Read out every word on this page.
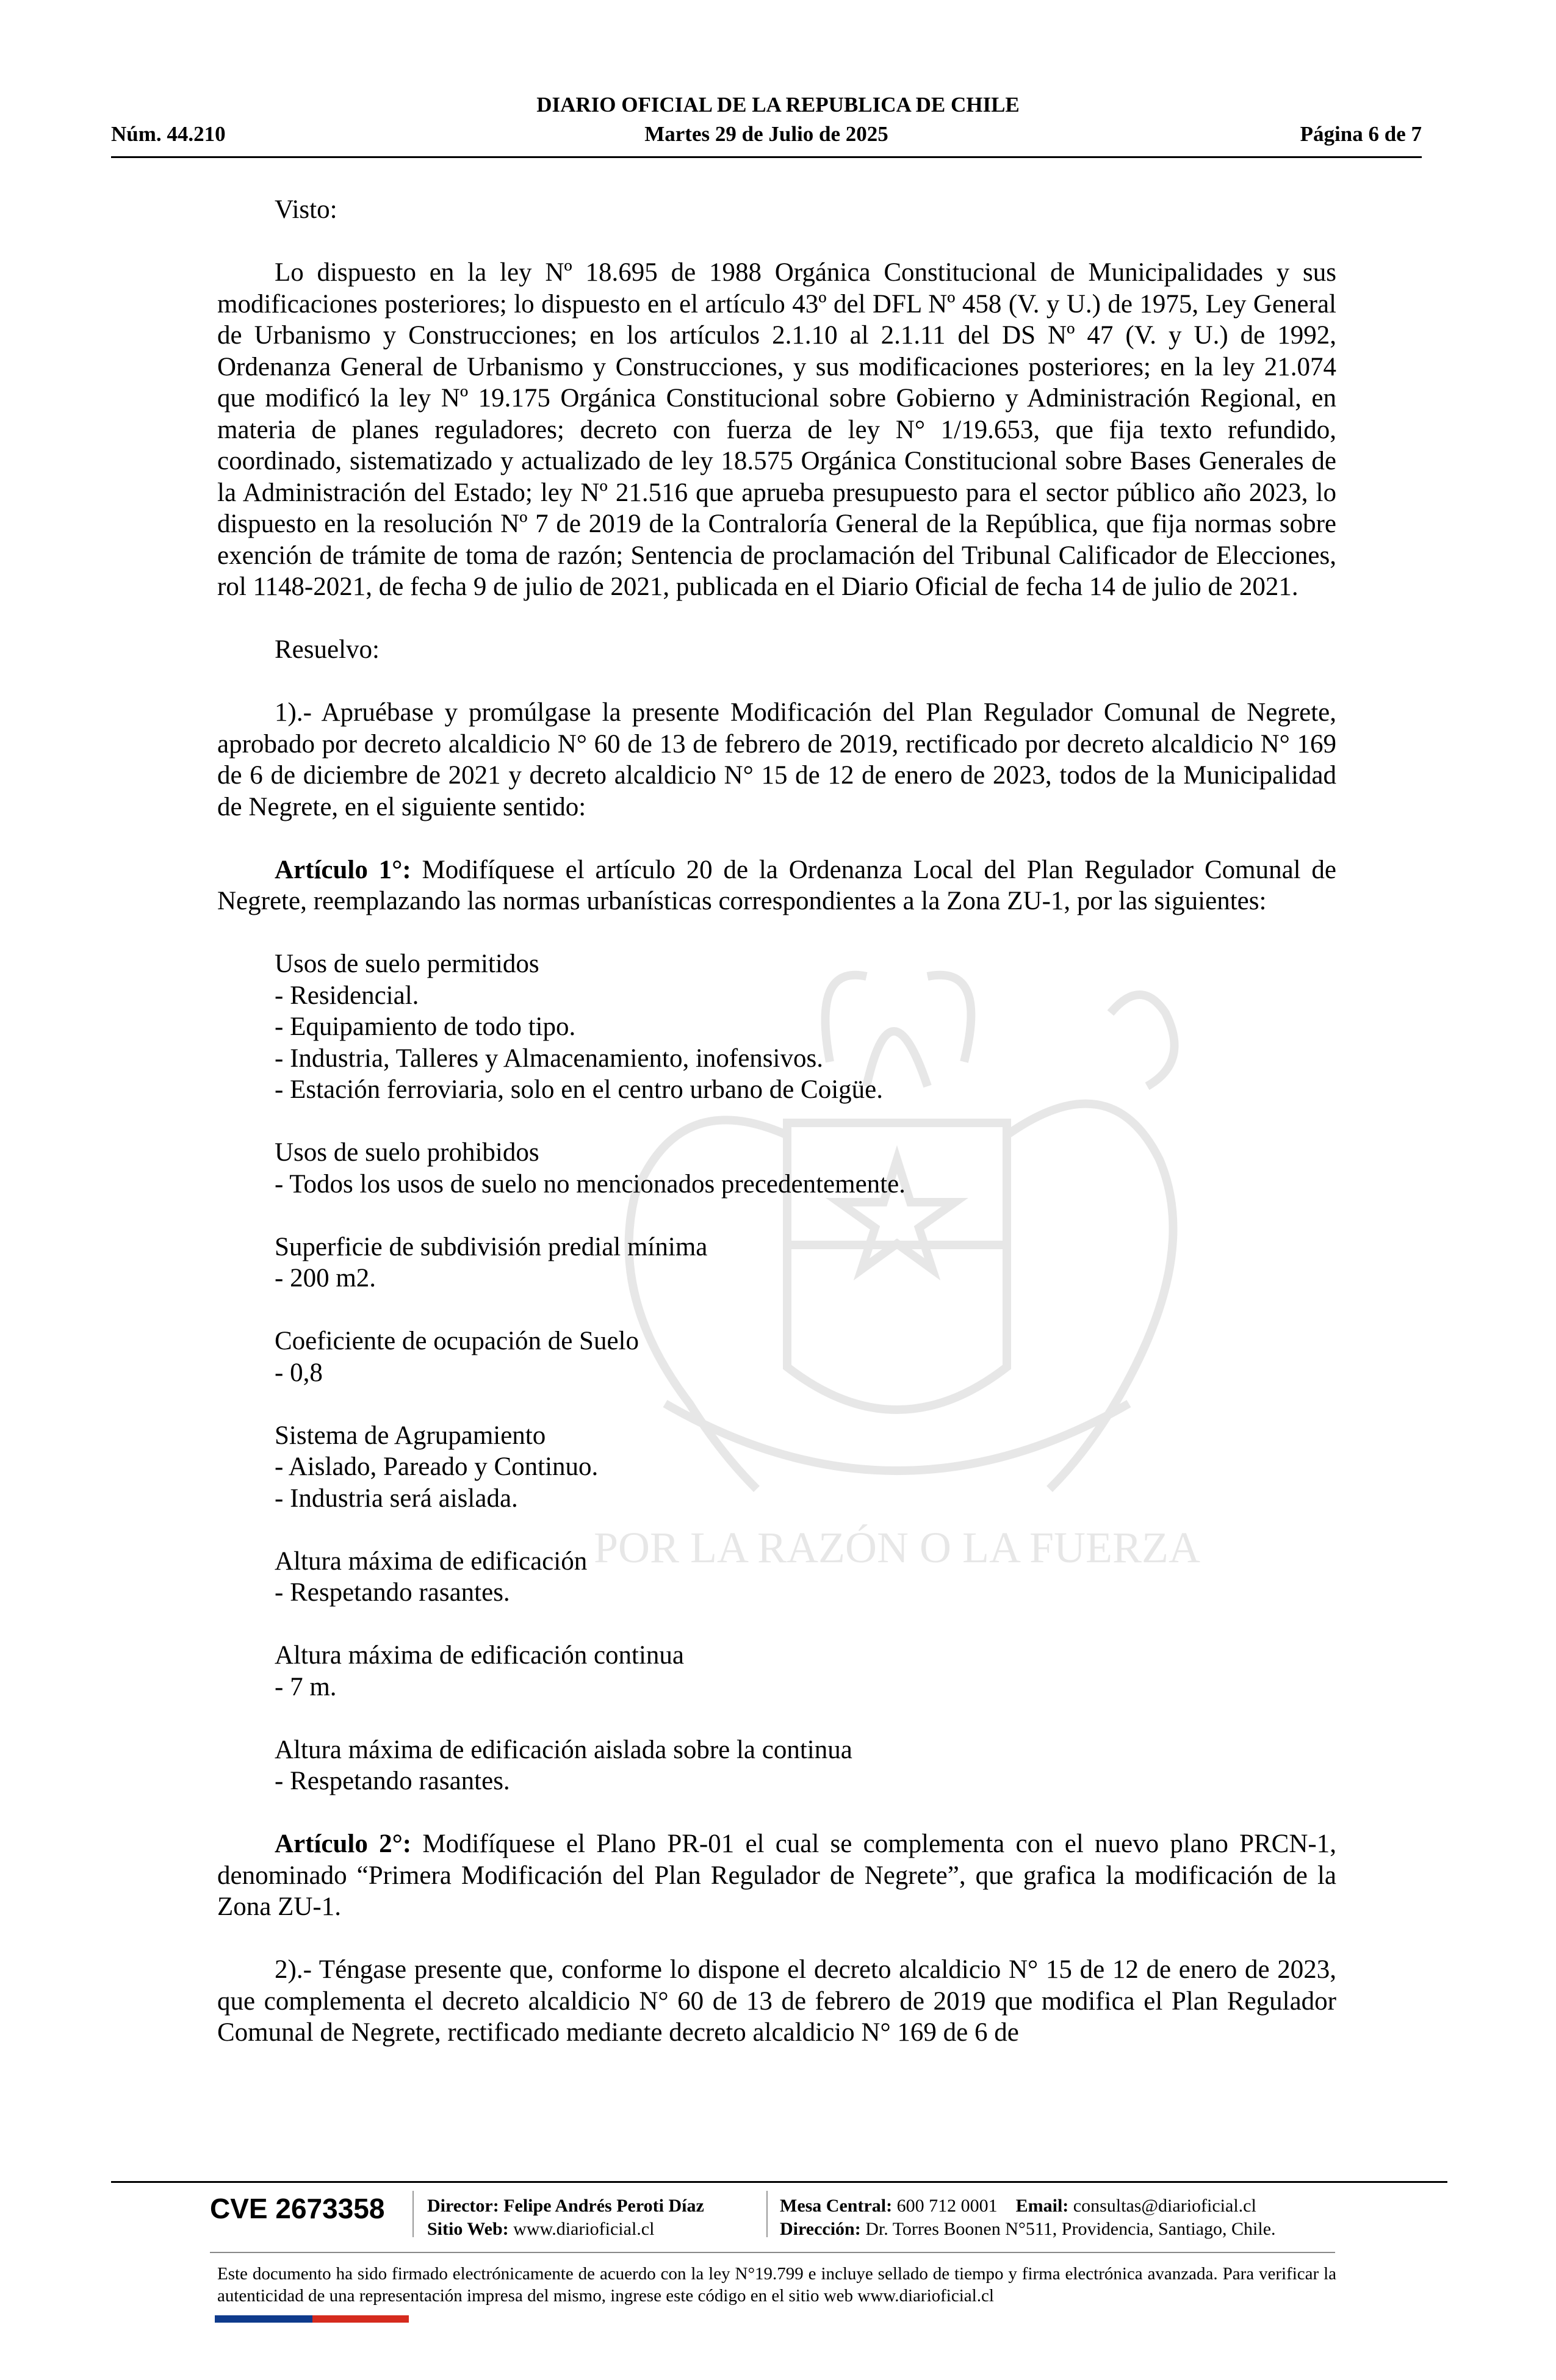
POR LA RAZÓN O LA FUERZA
DIARIO OFICIAL DE LA REPUBLICA DE CHILE
Núm. 44.210	Martes 29 de Julio de 2025	Página 6 de 7

Visto:

Lo dispuesto en la ley Nº 18.695 de 1988 Orgánica Constitucional de Municipalidades y sus modificaciones posteriores; lo dispuesto en el artículo 43º del DFL Nº 458 (V. y U.) de 1975, Ley General de Urbanismo y Construcciones; en los artículos 2.1.10 al 2.1.11 del DS Nº 47 (V. y U.) de 1992, Ordenanza General de Urbanismo y Construcciones, y sus modificaciones posteriores; en la ley 21.074 que modificó la ley Nº 19.175 Orgánica Constitucional sobre Gobierno y Administración Regional, en materia de planes reguladores; decreto con fuerza de ley N° 1/19.653, que fija texto refundido, coordinado, sistematizado y actualizado de ley 18.575 Orgánica Constitucional sobre Bases Generales de la Administración del Estado; ley Nº 21.516 que aprueba presupuesto para el sector público año 2023, lo dispuesto en la resolución Nº 7 de 2019 de la Contraloría General de la República, que fija normas sobre exención de trámite de toma de razón; Sentencia de proclamación del Tribunal Calificador de Elecciones, rol 1148-2021, de fecha 9 de julio de 2021, publicada en el Diario Oficial de fecha 14 de julio de 2021.

Resuelvo:

1).- Apruébase y promúlgase la presente Modificación del Plan Regulador Comunal de Negrete, aprobado por decreto alcaldicio N° 60 de 13 de febrero de 2019, rectificado por decreto alcaldicio N° 169 de 6 de diciembre de 2021 y decreto alcaldicio N° 15 de 12 de enero de 2023, todos de la Municipalidad de Negrete, en el siguiente sentido:

Artículo 1°: Modifíquese el artículo 20 de la Ordenanza Local del Plan Regulador Comunal de Negrete, reemplazando las normas urbanísticas correspondientes a la Zona ZU-1, por las siguientes:

Usos de suelo permitidos
- Residencial.
- Equipamiento de todo tipo.
- Industria, Talleres y Almacenamiento, inofensivos.
- Estación ferroviaria, solo en el centro urbano de Coigüe.

Usos de suelo prohibidos
- Todos los usos de suelo no mencionados precedentemente.

Superficie de subdivisión predial mínima
- 200 m2.

Coeficiente de ocupación de Suelo
- 0,8

Sistema de Agrupamiento
- Aislado, Pareado y Continuo.
- Industria será aislada.

Altura máxima de edificación
- Respetando rasantes.

Altura máxima de edificación continua
- 7 m.

Altura máxima de edificación aislada sobre la continua
- Respetando rasantes.

Artículo 2°: Modifíquese el Plano PR-01 el cual se complementa con el nuevo plano PRCN-1, denominado “Primera Modificación del Plan Regulador de Negrete”, que grafica la modificación de la Zona ZU-1.

2).- Téngase presente que, conforme lo dispone el decreto alcaldicio N° 15 de 12 de enero de 2023, que complementa el decreto alcaldicio N° 60 de 13 de febrero de 2019 que modifica el Plan Regulador Comunal de Negrete, rectificado mediante decreto alcaldicio N° 169 de 6 de

CVE 2673358 Director: Felipe Andrés Peroti Díaz
Sitio Web: www.diarioficial.cl
Mesa Central: 600 712 0001 Email: consultas@diarioficial.cl
Dirección: Dr. Torres Boonen N°511, Providencia, Santiago, Chile.
Este documento ha sido firmado electrónicamente de acuerdo con la ley N°19.799 e incluye sellado de tiempo y firma electrónica avanzada. Para verificar la autenticidad de una representación impresa del mismo, ingrese este código en el sitio web www.diarioficial.cl
